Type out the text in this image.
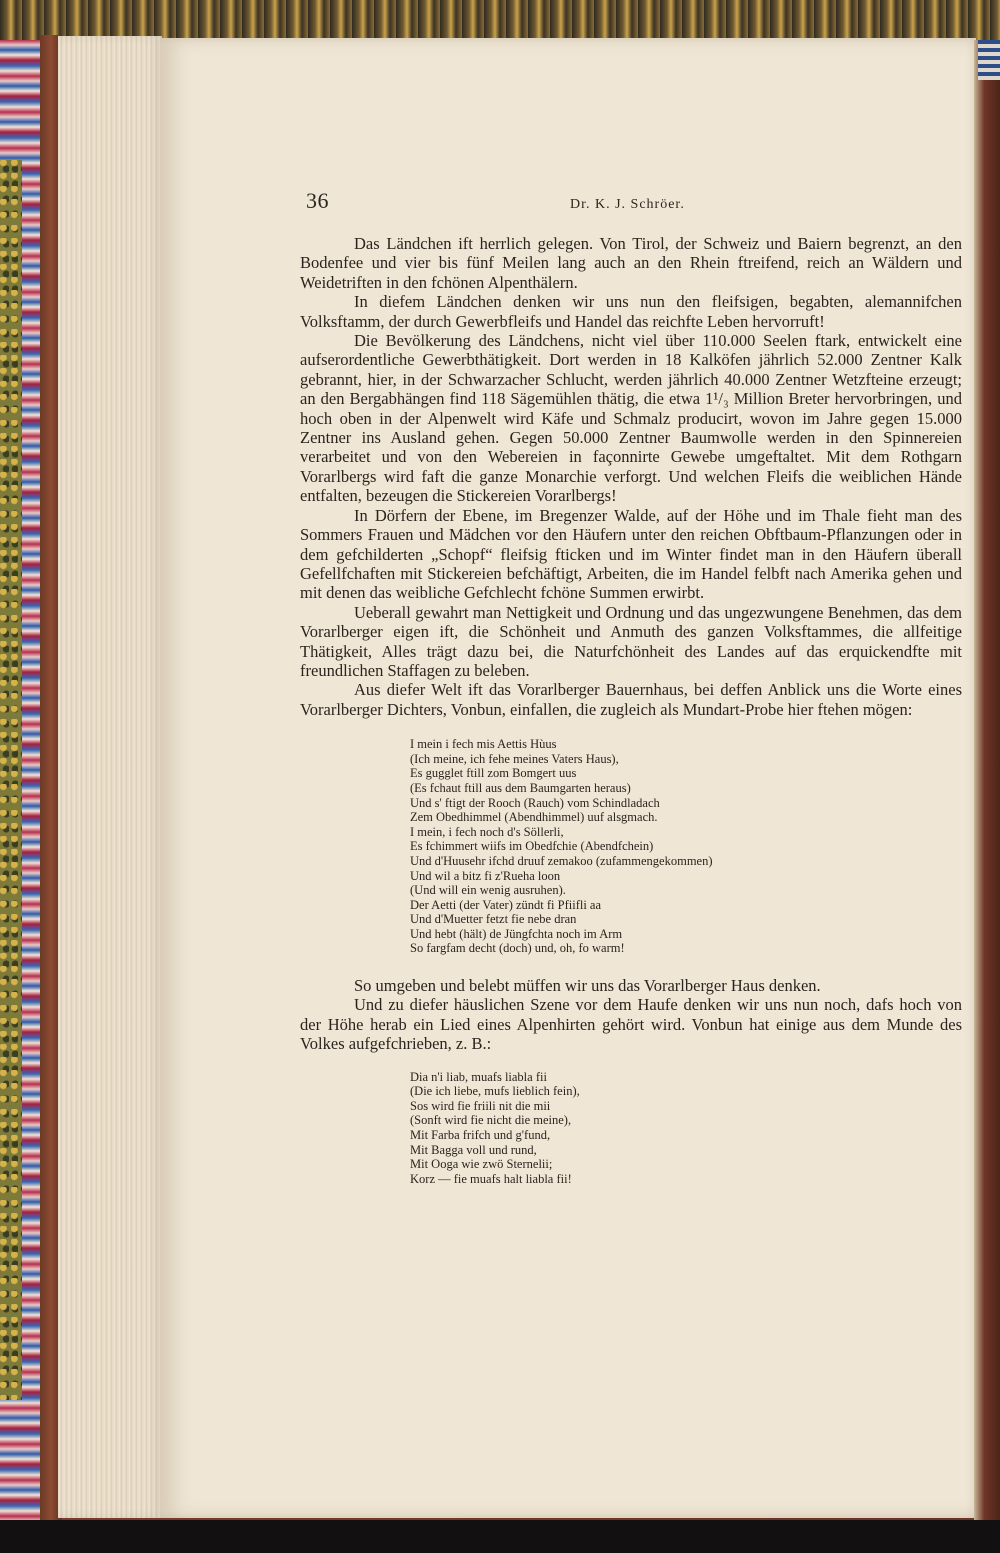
36	Dr. K. J. Schröer.

Das Ländchen ift herrlich gelegen. Von Tirol, der Schweiz und Baiern begrenzt, an den Bodenfee und vier bis fünf Meilen lang auch an den Rhein ftreifend, reich an Wäldern und Weidetriften in den fchönen Alpenthälern.

In diefem Ländchen denken wir uns nun den fleifsigen, begabten, alemannifchen Volksftamm, der durch Gewerbfleifs und Handel das reichfte Leben hervorruft!

Die Bevölkerung des Ländchens, nicht viel über 110.000 Seelen ftark, entwickelt eine aufserordentliche Gewerbthätigkeit. Dort werden in 18 Kalköfen jährlich 52.000 Zentner Kalk gebrannt, hier, in der Schwarzacher Schlucht, werden jährlich 40.000 Zentner Wetzfteine erzeugt; an den Bergabhängen find 118 Sägemühlen thätig, die etwa 1¹/₃ Million Breter hervorbringen, und hoch oben in der Alpenwelt wird Käfe und Schmalz producirt, wovon im Jahre gegen 15.000 Zentner ins Ausland gehen. Gegen 50.000 Zentner Baumwolle werden in den Spinnereien verarbeitet und von den Webereien in façonnirte Gewebe umgeftaltet. Mit dem Rothgarn Vorarlbergs wird faft die ganze Monarchie verforgt. Und welchen Fleifs die weiblichen Hände entfalten, bezeugen die Stickereien Vorarlbergs!

In Dörfern der Ebene, im Bregenzer Walde, auf der Höhe und im Thale fieht man des Sommers Frauen und Mädchen vor den Häufern unter den reichen Obftbaum-Pflanzungen oder in dem gefchilderten „Schopf“ fleifsig fticken und im Winter findet man in den Häufern überall Gefellfchaften mit Stickereien befchäftigt, Arbeiten, die im Handel felbft nach Amerika gehen und mit denen das weibliche Gefchlecht fchöne Summen erwirbt.

Ueberall gewahrt man Nettigkeit und Ordnung und das ungezwungene Benehmen, das dem Vorarlberger eigen ift, die Schönheit und Anmuth des ganzen Volksftammes, die allfeitige Thätigkeit, Alles trägt dazu bei, die Naturfchönheit des Landes auf das erquickendfte mit freundlichen Staffagen zu beleben.

Aus diefer Welt ift das Vorarlberger Bauernhaus, bei deffen Anblick uns die Worte eines Vorarlberger Dichters, Vonbun, einfallen, die zugleich als Mundart-Probe hier ftehen mögen:

I mein i fech mis Aettis Hùus
(Ich meine, ich fehe meines Vaters Haus),
Es gugglet ftill zom Bomgert uus
(Es fchaut ftill aus dem Baumgarten heraus)
Und s' ftigt der Rooch (Rauch) vom Schindladach
Zem Obedhimmel (Abendhimmel) uuf alsgmach.
I mein, i fech noch d's Söllerli,
Es fchimmert wiifs im Obedfchie (Abendfchein)
Und d'Huusehr ifchd druuf zemakoo (zufammengekommen)
Und wil a bitz fi z'Rueha loon
(Und will ein wenig ausruhen).
Der Aetti (der Vater) zündt fi Pfiifli aa
Und d'Muetter fetzt fie nebe dran
Und hebt (hält) de Jüngfchta noch im Arm
So fargfam decht (doch) und, oh, fo warm!

So umgeben und belebt müffen wir uns das Vorarlberger Haus denken.

Und zu diefer häuslichen Szene vor dem Haufe denken wir uns nun noch, dafs hoch von der Höhe herab ein Lied eines Alpenhirten gehört wird. Vonbun hat einige aus dem Munde des Volkes aufgefchrieben, z. B.:

Dia n'i liab, muafs liabla fii
(Die ich liebe, mufs lieblich fein),
Sos wird fie friili nit die mii
(Sonft wird fie nicht die meine),
Mit Farba frifch und g'fund,
Mit Bagga voll und rund,
Mit Ooga wie zwö Sternelii;
Korz — fie muafs halt liabla fii!
